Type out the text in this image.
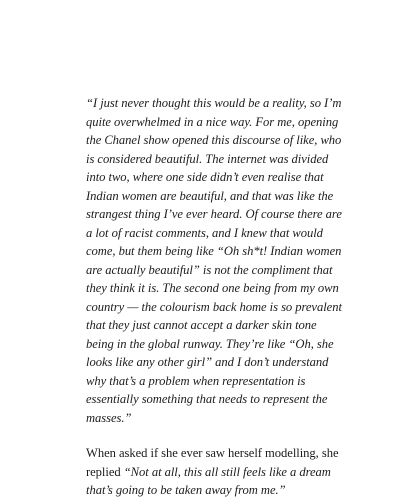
“I just never thought this would be a reality, so I’m quite overwhelmed in a nice way. For me, opening the Chanel show opened this discourse of like, who is considered beautiful. The internet was divided into two, where one side didn’t even realise that Indian women are beautiful, and that was like the strangest thing I’ve ever heard. Of course there are a lot of racist comments, and I knew that would come, but them being like “Oh sh*t! Indian women are actually beautiful” is not the compliment that they think it is. The second one being from my own country — the colourism back home is so prevalent that they just cannot accept a darker skin tone being in the global runway. They’re like “Oh, she looks like any other girl” and I don’t understand why that’s a problem when representation is essentially something that needs to represent the masses.”

When asked if she ever saw herself modelling, she replied “Not at all, this all still feels like a dream that’s going to be taken away from me.”
